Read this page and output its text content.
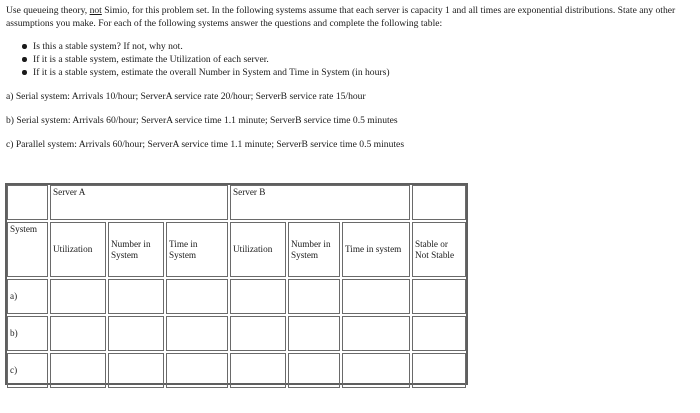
Use queueing theory, not Simio, for this problem set. In the following systems assume that each server is capacity 1 and all times are exponential distributions. State any other assumptions you make. For each of the following systems answer the questions and complete the following table:

Is this a stable system? If not, why not.
If it is a stable system, estimate the Utilization of each server.
If it is a stable system, estimate the overall Number in System and Time in System (in hours)

a) Serial system: Arrivals 10/hour; ServerA service rate 20/hour; ServerB service rate 15/hour

b) Serial system: Arrivals 60/hour; ServerA service time 1.1 minute; ServerB service time 0.5 minutes

c) Parallel system: Arrivals 60/hour; ServerA service time 1.1 minute; ServerB service time 0.5 minutes

	Server A			Server B			
System	Utilization	Number in System	Time in System	Utilization	Number in System	Time in system	Stable or Not Stable
a)							
b)							
c)							
